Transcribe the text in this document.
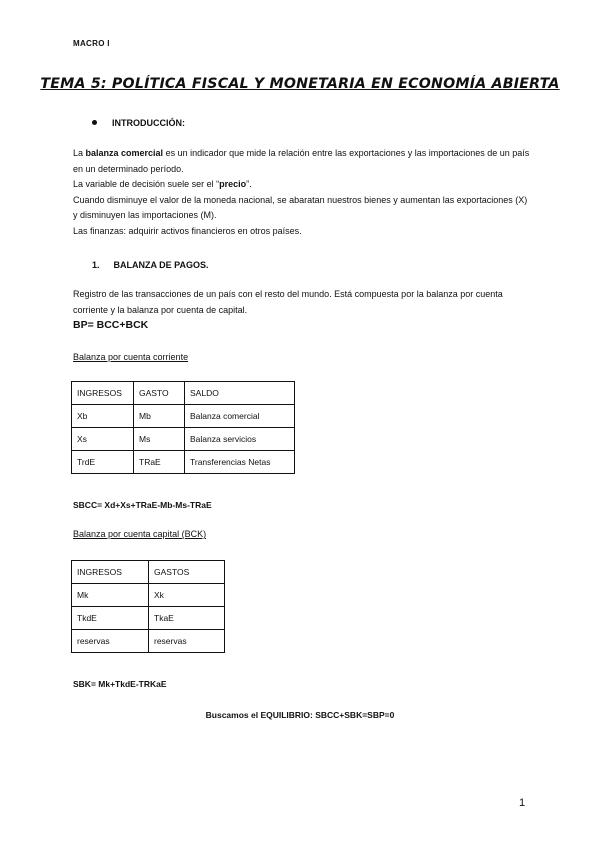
MACRO I
TEMA 5: POLÍTICA FISCAL Y MONETARIA EN ECONOMÍA ABIERTA
INTRODUCCIÓN:
La balanza comercial es un indicador que mide la relación entre las exportaciones y las importaciones de un país en un determinado período.
La variable de decisión suele ser el “precio”.
Cuando disminuye el valor de la moneda nacional, se abaratan nuestros bienes y aumentan las exportaciones (X) y disminuyen las importaciones (M).
Las finanzas: adquirir activos financieros en otros países.
1. BALANZA DE PAGOS.
Registro de las transacciones de un país con el resto del mundo. Está compuesta por la balanza por cuenta corriente y la balanza por cuenta de capital.
BP= BCC+BCK
Balanza por cuenta corriente
INGRESOS	GASTO	SALDO
Xb	Mb	Balanza comercial
Xs	Ms	Balanza servicios
TrdE	TRaE	Transferencias Netas
SBCC= Xd+Xs+TRaE-Mb-Ms-TRaE
Balanza por cuenta capital (BCK)
INGRESOS	GASTOS
Mk	Xk
TkdE	TkaE
reservas	reservas
SBK= Mk+TkdE-TRKaE
Buscamos el EQUILIBRIO: SBCC+SBK=SBP=0
1
